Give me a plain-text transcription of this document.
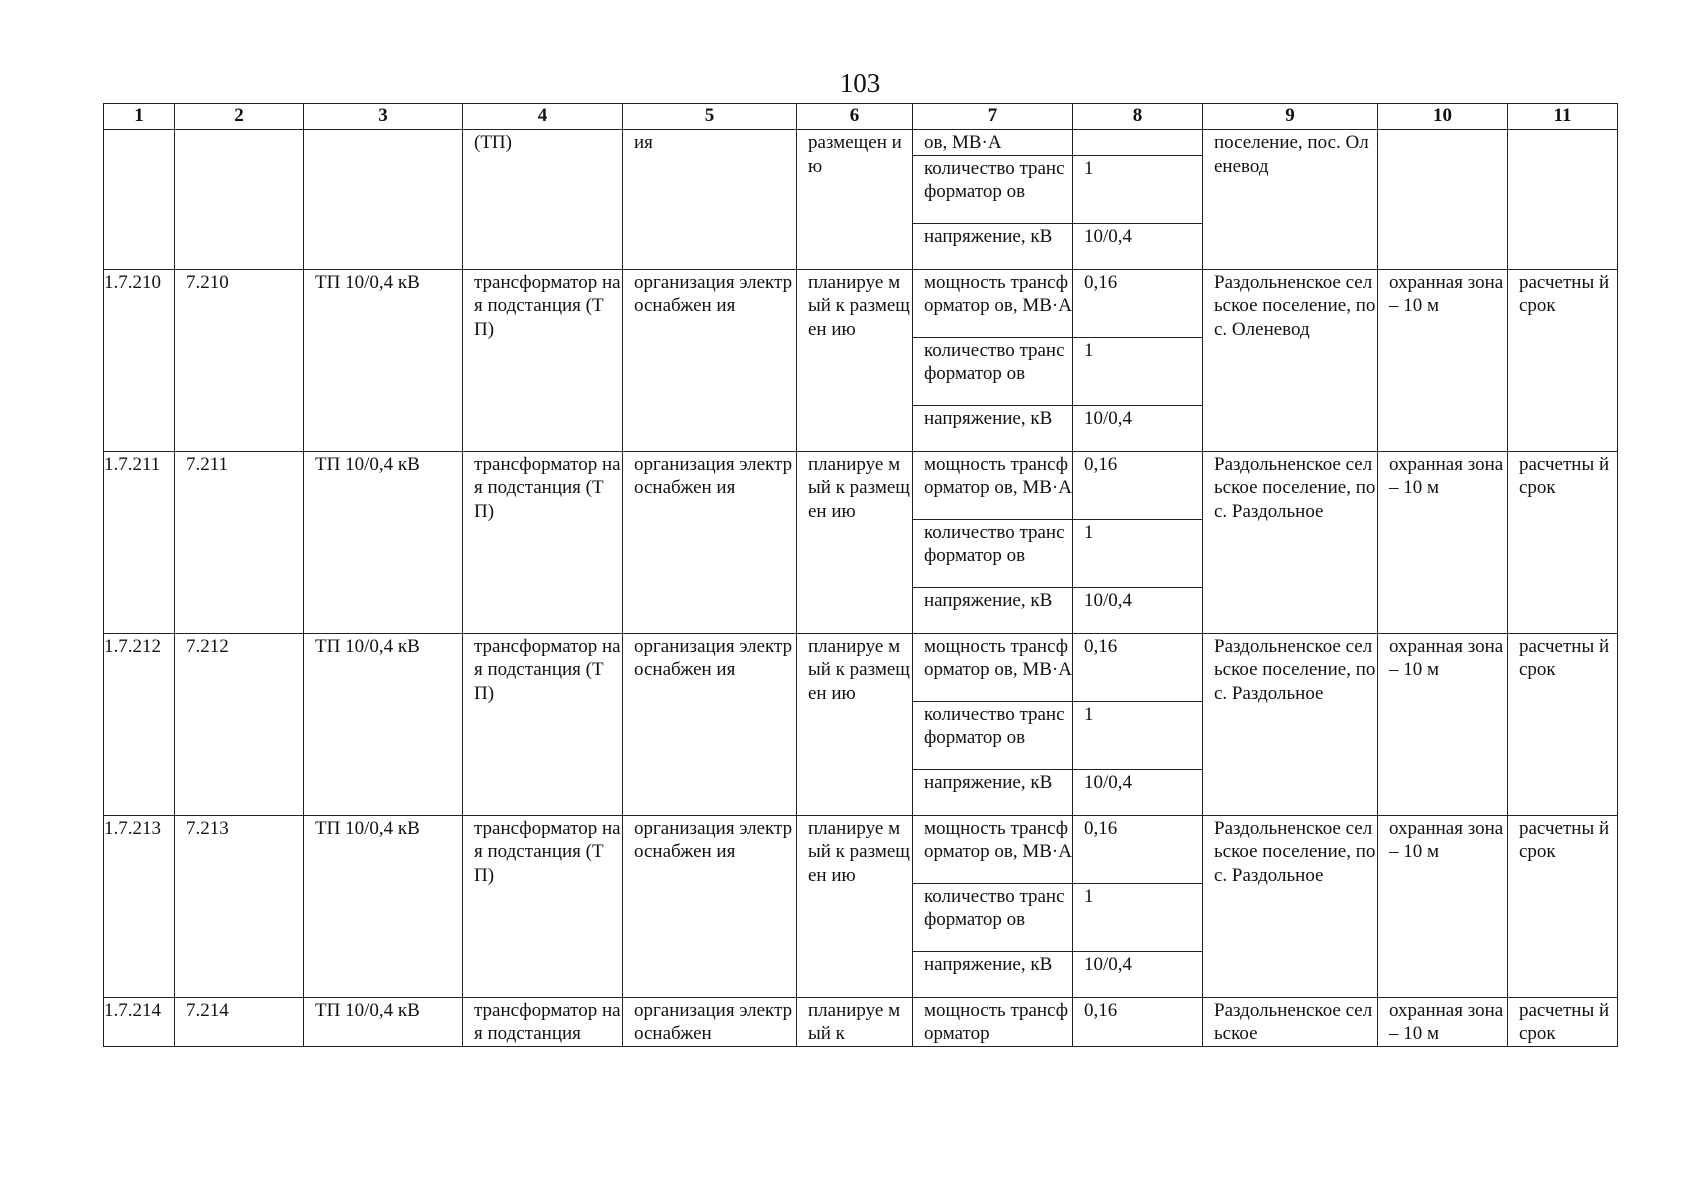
103
1	2	3	4	5	6	7	8	9	10	11
			(ТП)	ия	размещен ию	ов, МВ·А		поселение, пос. Оленевод		
						количество трансформатор ов	1			
						напряжение, кВ	10/0,4			
1.7.210	7.210	ТП 10/0,4 кВ	трансформатор ная подстанция (ТП)	организация электроснабжен ия	планируе мый к размещен ию	мощность трансформатор ов, МВ·А	0,16	Раздольненское сельское поселение, пос. Оленевод	охранная зона – 10 м	расчетны й срок
						количество трансформатор ов	1			
						напряжение, кВ	10/0,4			
1.7.211	7.211	ТП 10/0,4 кВ	трансформатор ная подстанция (ТП)	организация электроснабжен ия	планируе мый к размещен ию	мощность трансформатор ов, МВ·А	0,16	Раздольненское сельское поселение, пос. Раздольное	охранная зона – 10 м	расчетны й срок
						количество трансформатор ов	1			
						напряжение, кВ	10/0,4			
1.7.212	7.212	ТП 10/0,4 кВ	трансформатор ная подстанция (ТП)	организация электроснабжен ия	планируе мый к размещен ию	мощность трансформатор ов, МВ·А	0,16	Раздольненское сельское поселение, пос. Раздольное	охранная зона – 10 м	расчетны й срок
						количество трансформатор ов	1			
						напряжение, кВ	10/0,4			
1.7.213	7.213	ТП 10/0,4 кВ	трансформатор ная подстанция (ТП)	организация электроснабжен ия	планируе мый к размещен ию	мощность трансформатор ов, МВ·А	0,16	Раздольненское сельское поселение, пос. Раздольное	охранная зона – 10 м	расчетны й срок
						количество трансформатор ов	1			
						напряжение, кВ	10/0,4			
1.7.214	7.214	ТП 10/0,4 кВ	трансформатор ная подстанция	организация электроснабжен	планируе мый к	мощность трансформатор	0,16	Раздольненское сельское	охранная зона – 10 м	расчетны й срок
